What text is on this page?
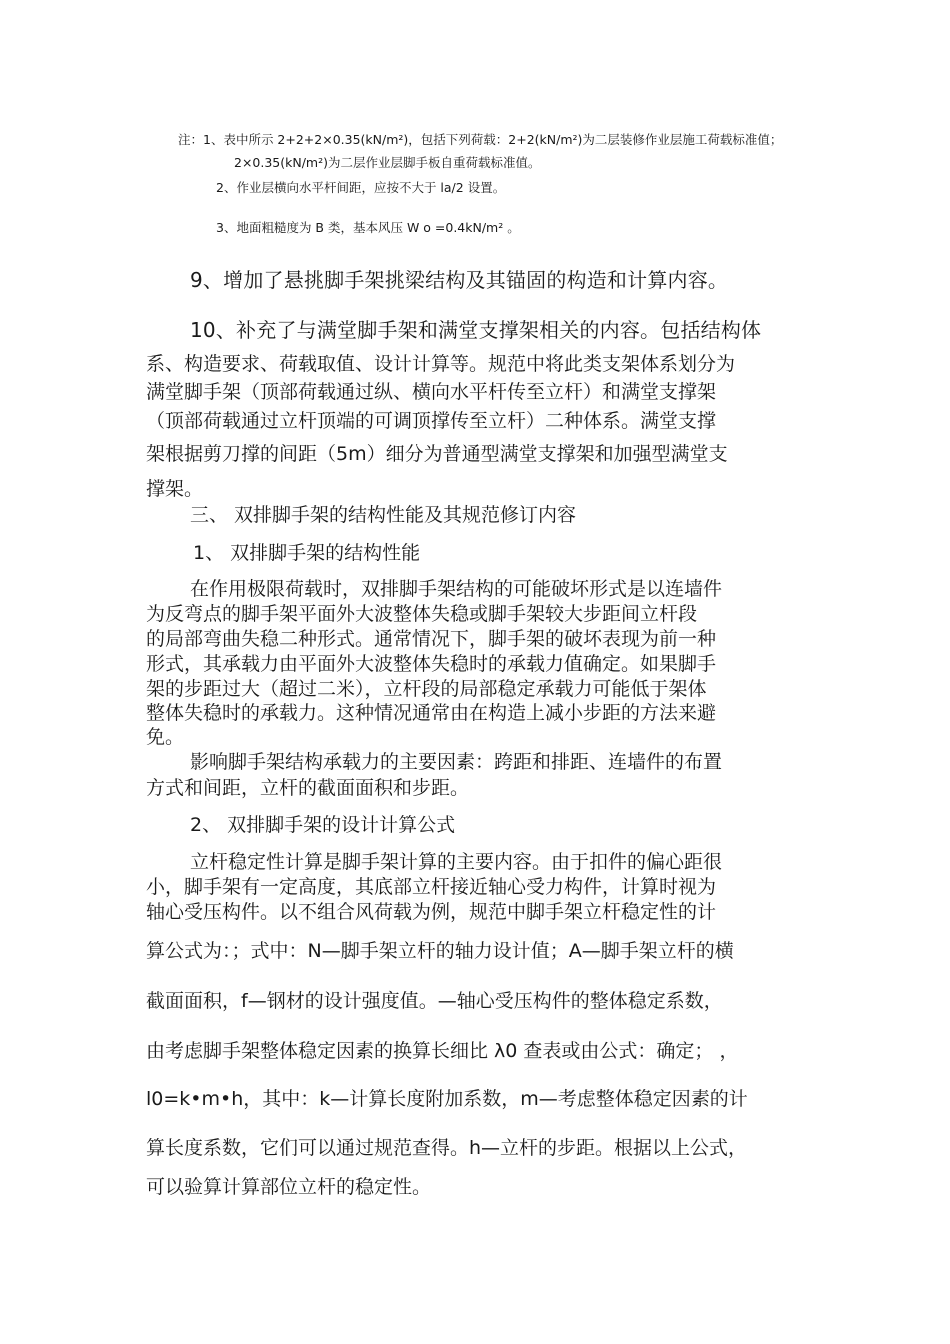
注：1、表中所示 2+2+2×0.35(kN/m²)，包括下列荷载：2+2(kN/m²)为二层装修作业层施工荷载标准值；

2×0.35(kN/m²)为二层作业层脚手板自重荷载标准值。

2、作业层横向水平杆间距，应按不大于 la/2 设置。

3、地面粗糙度为 B 类，基本风压 W o =0.4kN/m² 。

9、增加了悬挑脚手架挑梁结构及其锚固的构造和计算内容。

10、补充了与满堂脚手架和满堂支撑架相关的内容。包括结构体

系、构造要求、荷载取值、设计计算等。规范中将此类支架体系划分为

满堂脚手架（顶部荷载通过纵、横向水平杆传至立杆）和满堂支撑架

（顶部荷载通过立杆顶端的可调顶撑传至立杆）二种体系。满堂支撑

架根据剪刀撑的间距（5m）细分为普通型满堂支撑架和加强型满堂支

撑架。

三、 双排脚手架的结构性能及其规范修订内容

1、 双排脚手架的结构性能

在作用极限荷载时，双排脚手架结构的可能破坏形式是以连墙件

为反弯点的脚手架平面外大波整体失稳或脚手架较大步距间立杆段

的局部弯曲失稳二种形式。通常情况下，脚手架的破坏表现为前一种

形式，其承载力由平面外大波整体失稳时的承载力值确定。如果脚手

架的步距过大（超过二米），立杆段的局部稳定承载力可能低于架体

整体失稳时的承载力。这种情况通常由在构造上减小步距的方法来避

免。

影响脚手架结构承载力的主要因素：跨距和排距、连墙件的布置

方式和间距，立杆的截面面积和步距。

2、 双排脚手架的设计计算公式

立杆稳定性计算是脚手架计算的主要内容。由于扣件的偏心距很

小，脚手架有一定高度，其底部立杆接近轴心受力构件，计算时视为

轴心受压构件。以不组合风荷载为例，规范中脚手架立杆稳定性的计

算公式为：；式中：N—脚手架立杆的轴力设计值；A—脚手架立杆的横

截面面积，f—钢材的设计强度值。—轴心受压构件的整体稳定系数，

由考虑脚手架整体稳定因素的换算长细比 λ0 查表或由公式：确定； ，

l0=k•m•h，其中：k—计算长度附加系数，m—考虑整体稳定因素的计

算长度系数，它们可以通过规范查得。h—立杆的步距。根据以上公式，

可以验算计算部位立杆的稳定性。
